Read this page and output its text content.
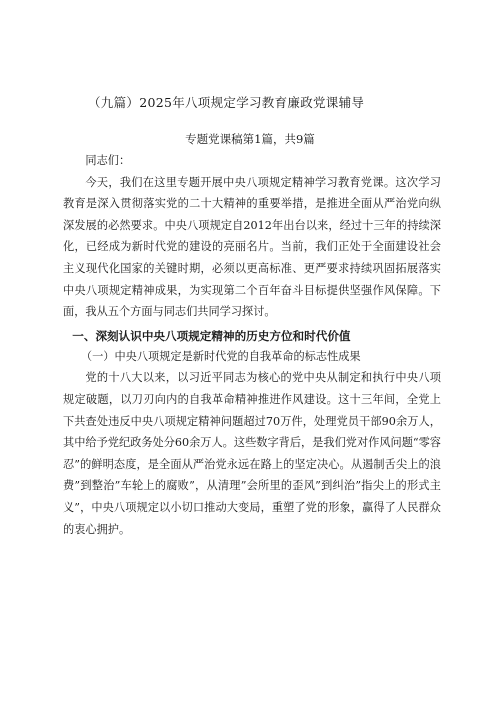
（九篇）2025年八项规定学习教育廉政党课辅导
专题党课稿第1篇，共9篇

同志们：

今天，我们在这里专题开展中央八项规定精神学习教育党课。这次学习教育是深入贯彻落实党的二十大精神的重要举措，是推进全面从严治党向纵深发展的必然要求。中央八项规定自2012年出台以来，经过十三年的持续深化，已经成为新时代党的建设的亮丽名片。当前，我们正处于全面建设社会主义现代化国家的关键时期，必须以更高标准、更严要求持续巩固拓展落实中央八项规定精神成果，为实现第二个百年奋斗目标提供坚强作风保障。下面，我从五个方面与同志们共同学习探讨。

一、深刻认识中央八项规定精神的历史方位和时代价值

（一）中央八项规定是新时代党的自我革命的标志性成果

党的十八大以来，以习近平同志为核心的党中央从制定和执行中央八项规定破题，以刀刃向内的自我革命精神推进作风建设。这十三年间，全党上下共查处违反中央八项规定精神问题超过70万件，处理党员干部90余万人，其中给予党纪政务处分60余万人。这些数字背后，是我们党对作风问题“零容忍”的鲜明态度，是全面从严治党永远在路上的坚定决心。从遏制舌尖上的浪费”到整治”车轮上的腐败”，从清理”会所里的歪风”到纠治”指尖上的形式主义”，中央八项规定以小切口推动大变局，重塑了党的形象，赢得了人民群众的衷心拥护。
